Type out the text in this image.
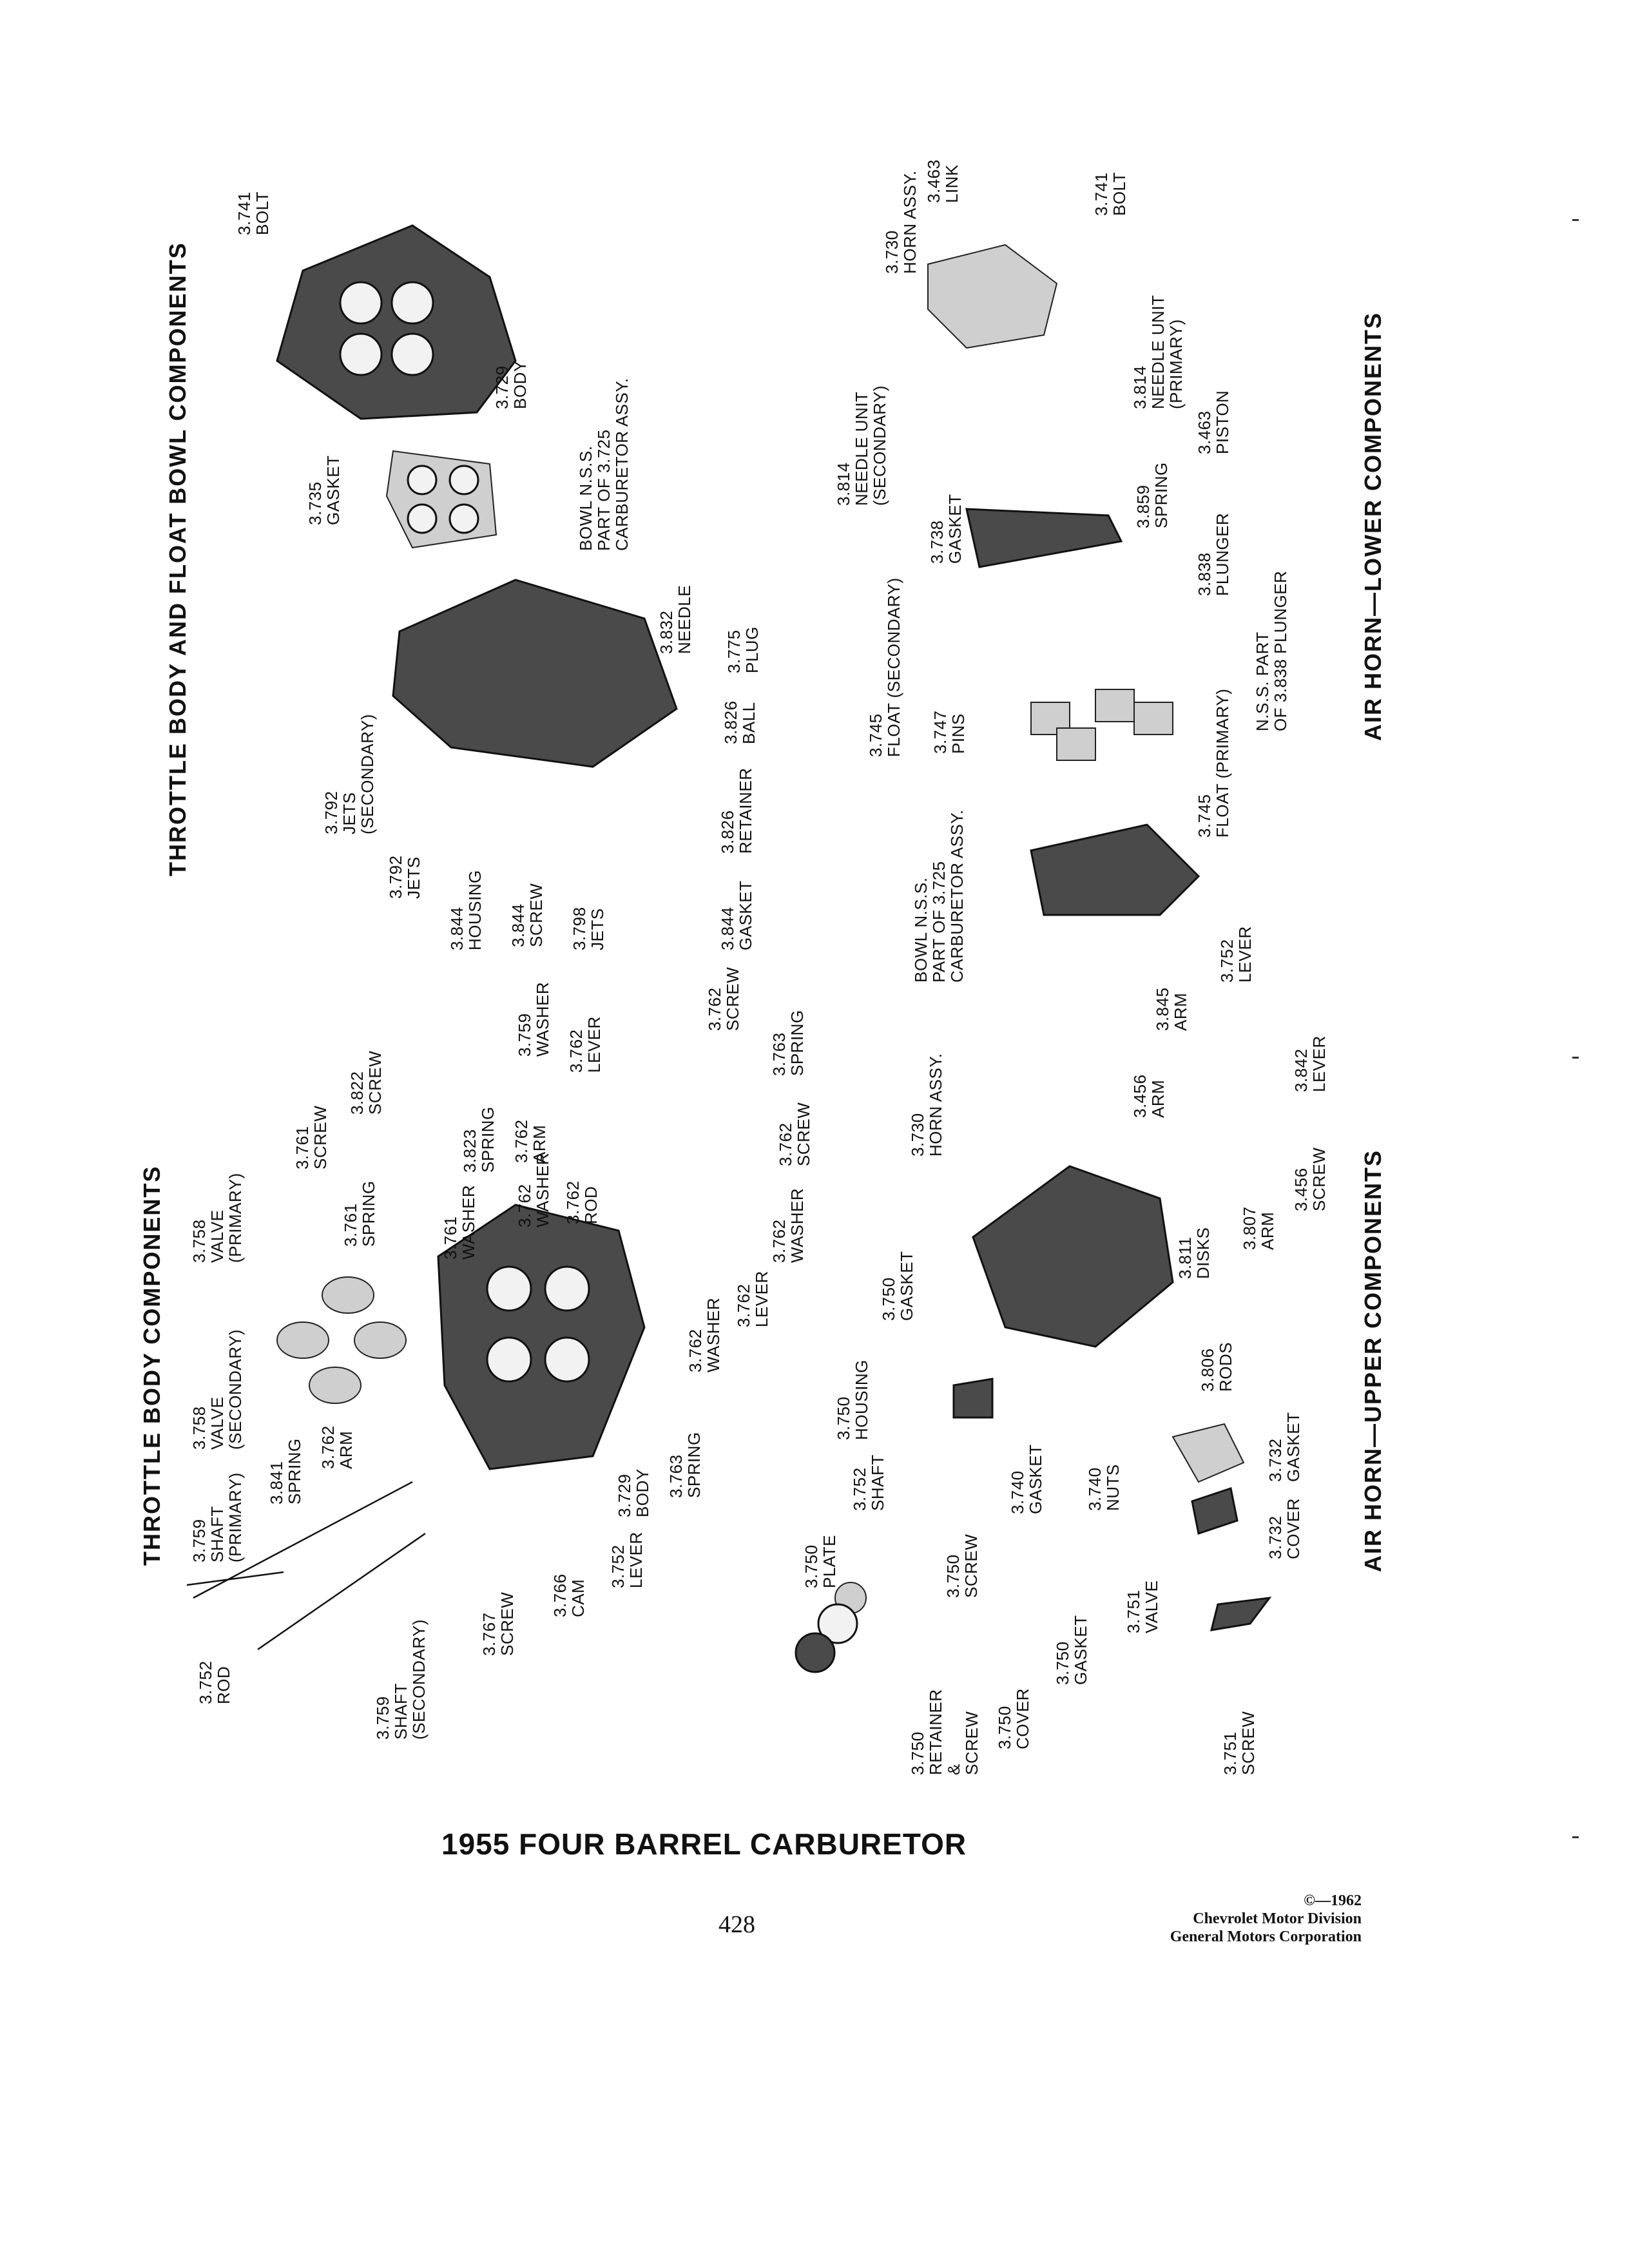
THROTTLE BODY AND FLOAT BOWL COMPONENTS	AIR HORN—LOWER COMPONENTS
THROTTLE BODY COMPONENTS	AIR HORN—UPPER COMPONENTS
3.741
BOLT
3.729
BODY
3.735
GASKET	BOWL N.S.S.
PART OF 3.725
CARBURETOR ASSY.
3.832
NEEDLE 3.775
PLUG
3.826
BALL
3.826
RETAINER
3.844
GASKET
3.792
JETS
(SECONDARY)
3.792
JETS
3.844
HOUSING 3.844
SCREW 3.798
JETS
3.730
HORN ASSY. 3.463
LINK	3.741
BOLT
3.814
NEEDLE UNIT
(PRIMARY)
3.814
NEEDLE UNIT
(SECONDARY)	3.463
PISTON
3.859
SPRING
3.738
GASKET
3.838
PLUNGER
N.S.S. PART
OF 3.838 PLUNGER
3.745
FLOAT (SECONDARY) 3.747
PINS
3.745
FLOAT (PRIMARY)
BOWL N.S.S.
PART OF 3.725
CARBURETOR ASSY.
3.759
WASHER 3.762
LEVER
3.762
SCREW
3.763
SPRING
3.822
SCREW
3.823
SPRING
3.761
SCREW
3.761
SPRING	3.761
WASHER
3.762
ARM
3.762
WASHER 3.762
ROD
3.762
SCREW
3.762
WASHER
3.762
LEVER
3.762
WASHER
3.758
VALVE
(PRIMARY)
3.758
VALVE
(SECONDARY)	3.762
ARM
3.841
SPRING
3.759
SHAFT
(PRIMARY)
3.752
ROD
3.759
SHAFT
(SECONDARY)	3.767
SCREW 3.766
CAM
3.752
LEVER
3.729
BODY 3.763
SPRING
3.752
LEVER
3.845
ARM
3.842
LEVER
3.456
ARM
3.456
SCREW
3.730
HORN ASSY.
3.750
GASKET	3.811
DISKS 3.807
ARM
3.806
RODS
3.750
HOUSING
3.752
SHAFT	3.740
GASKET 3.740
NUTS
3.732
GASKET
3.732
COVER
3.750
PLATE	3.750
SCREW
3.751
VALVE
3.750
GASKET
3.750
COVER
3.750
RETAINER
&
SCREW	3.751
SCREW
1955 FOUR BARREL CARBURETOR
428
©—1962
Chevrolet Motor Division
General Motors Corporation
